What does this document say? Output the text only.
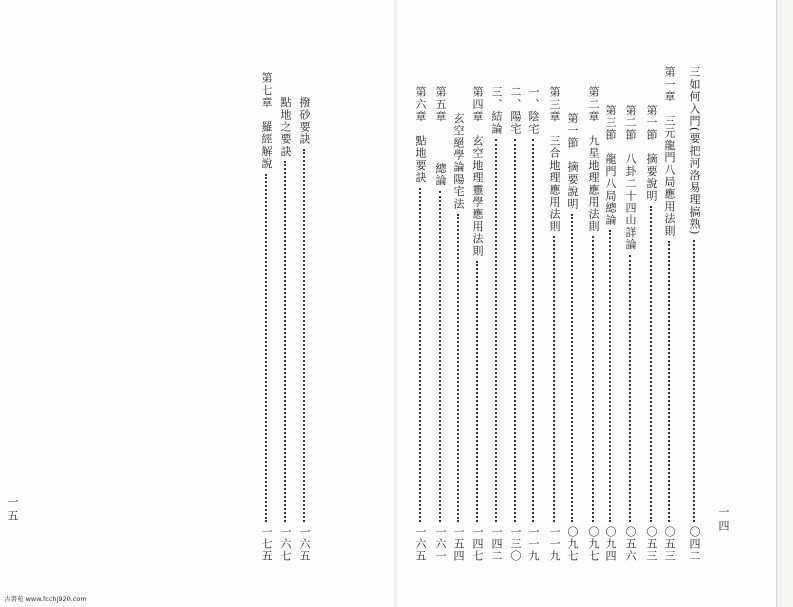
三如何入門(要把河洛易理搞熟)
〇四二
第一章　三元龍門八局應用法則
〇五三
　第一節　摘要說明
〇五三
　第二節　八卦二十四山詳論
〇五六
　第三節　龍門八局總論
〇九四
第二章　九星地理應用法則
〇九七
　第一節　摘要說明
〇九七
第三章　三合地理應用法則
一一九
一、陰宅
一一九
二、陽宅
一三〇
三、結論
一四二
第四章　玄空地理靈學應用法則
一四七
　玄空絕學論陽宅法
一五四
第五章
　總論
一六一
第六章　點地要訣
一六五
　　撥砂要訣
一六五
　　點地之要訣
一六七
第七章　羅經解說
一七五
一四
一五
古書苑 www.fcchj920.com
